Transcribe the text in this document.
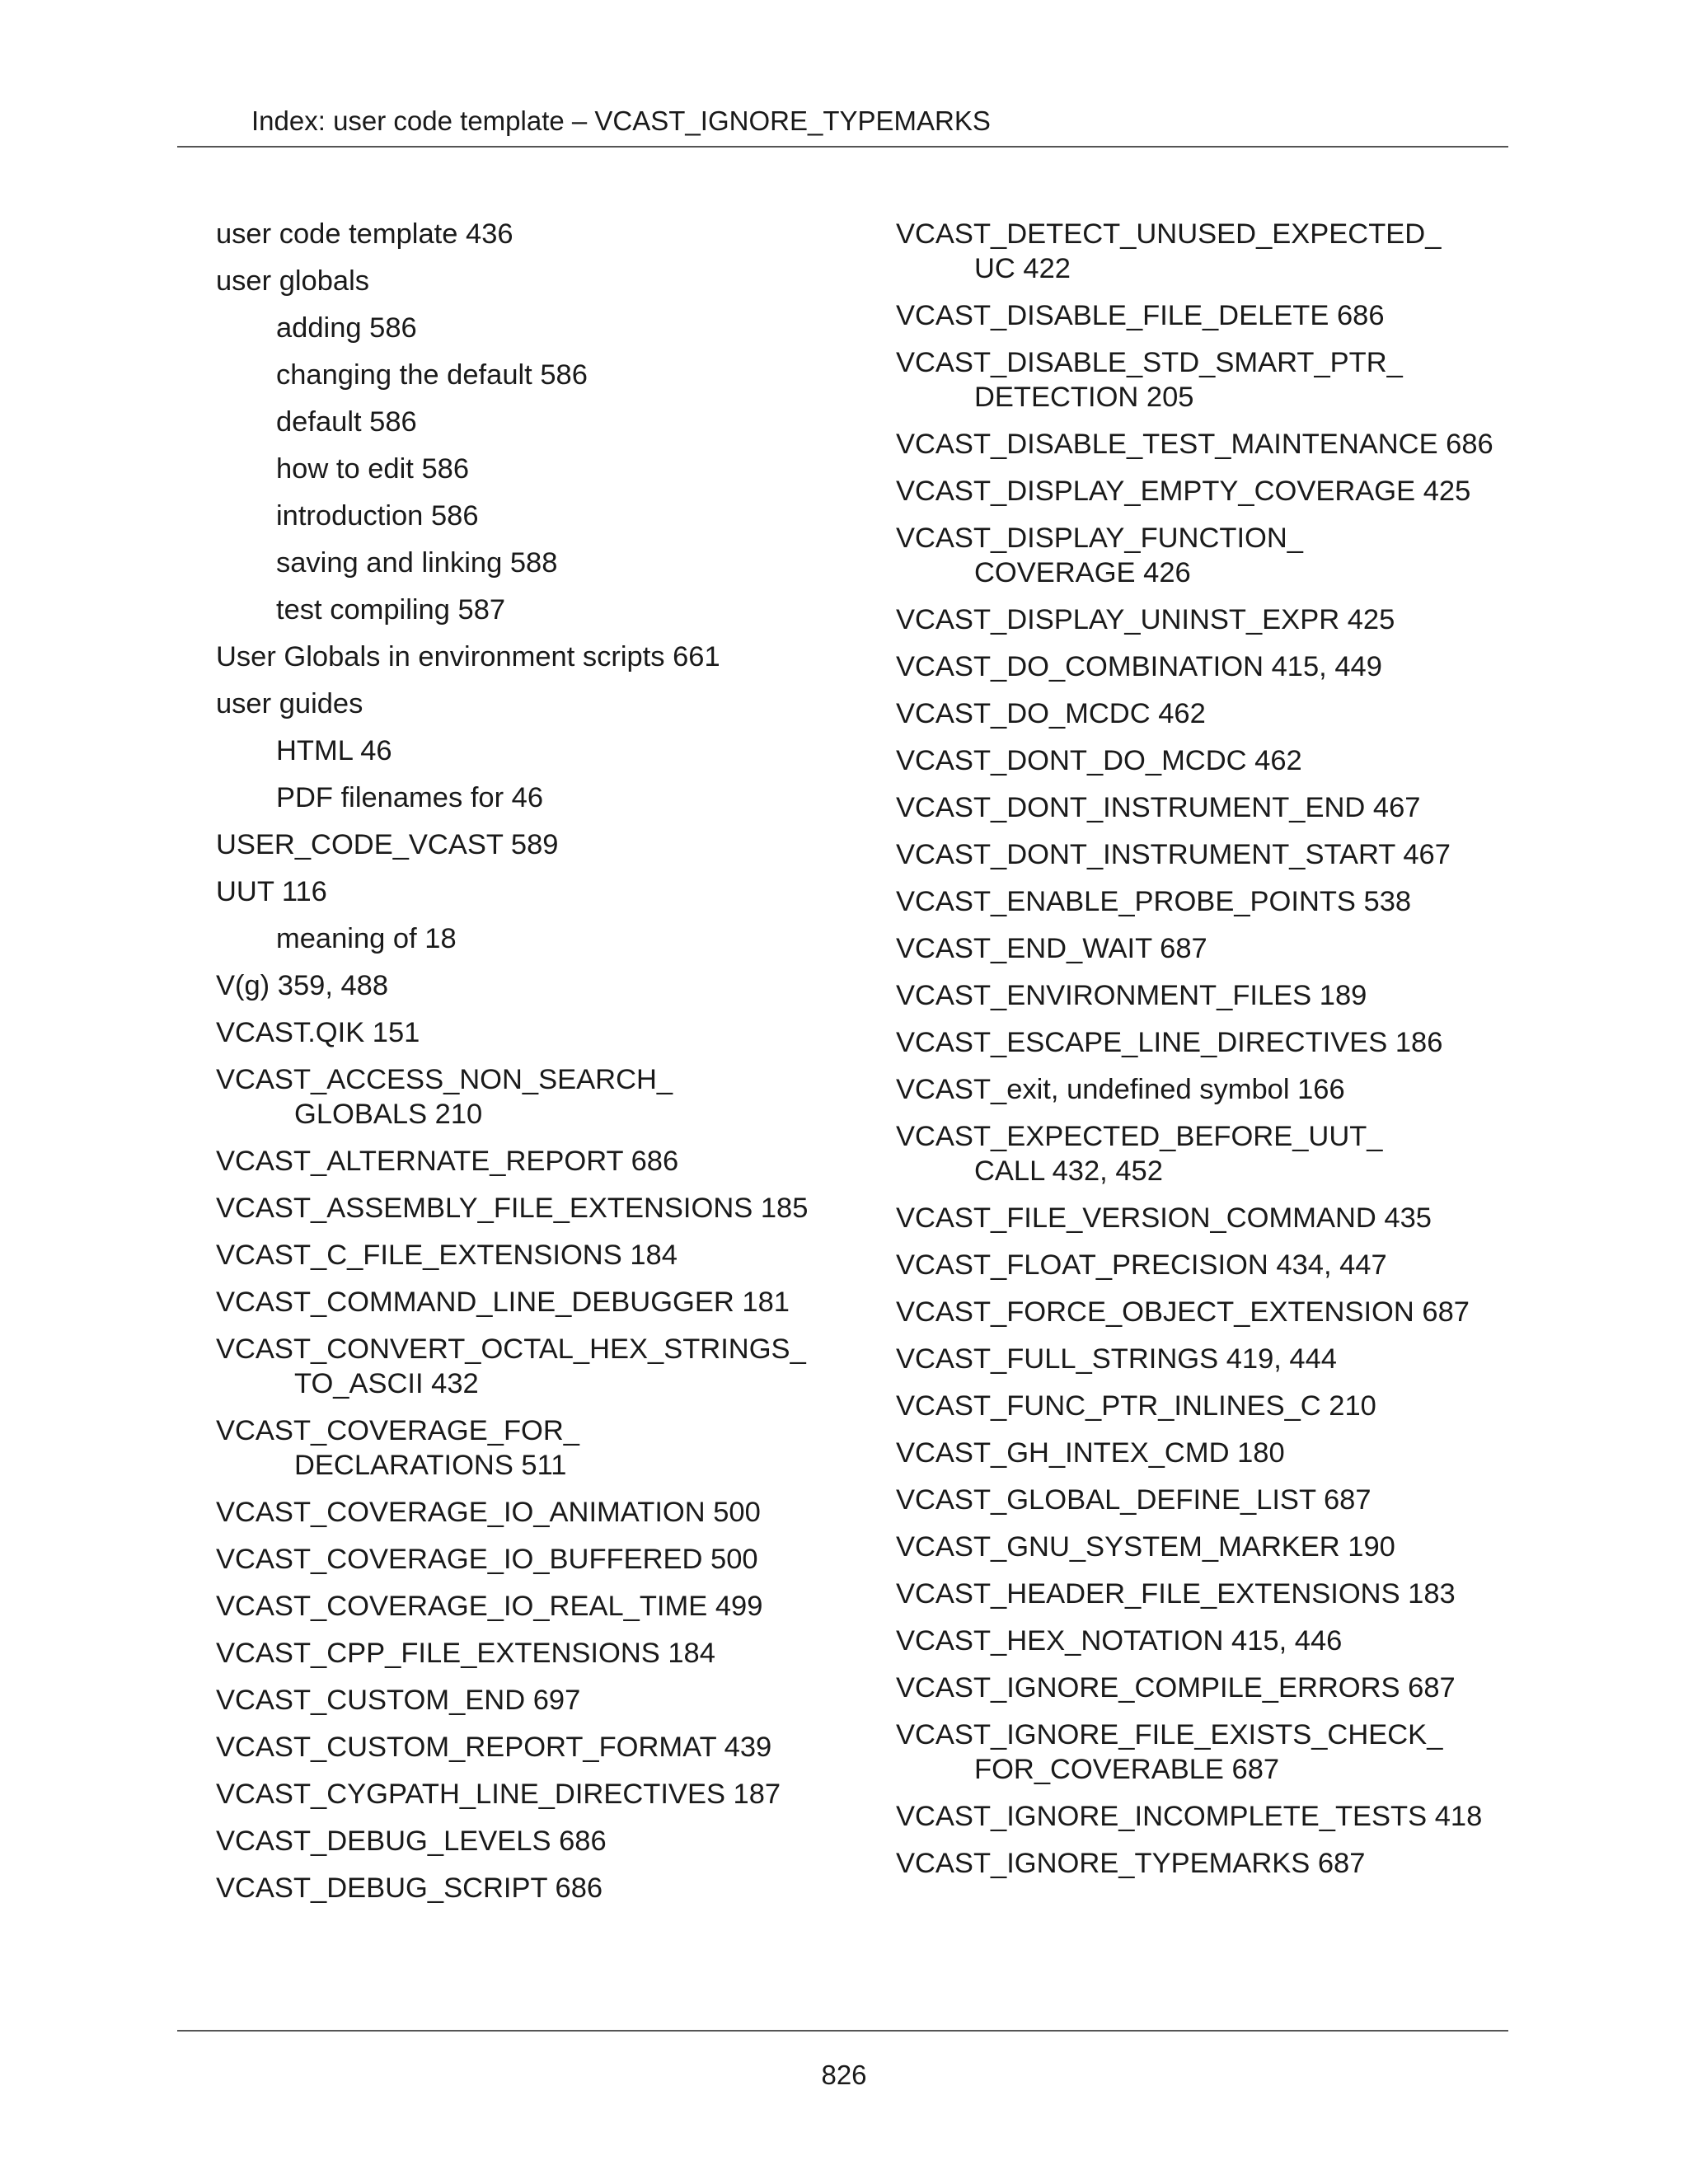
Index: user code template – VCAST_IGNORE_TYPEMARKS
user code template 436
user globals
adding 586
changing the default 586
default 586
how to edit 586
introduction 586
saving and linking 588
test compiling 587
User Globals in environment scripts 661
user guides
HTML 46
PDF filenames for 46
USER_CODE_VCAST 589
UUT 116
meaning of 18
V(g) 359, 488
VCAST.QIK 151
VCAST_ACCESS_NON_SEARCH_
GLOBALS 210
VCAST_ALTERNATE_REPORT 686
VCAST_ASSEMBLY_FILE_EXTENSIONS 185
VCAST_C_FILE_EXTENSIONS 184
VCAST_COMMAND_LINE_DEBUGGER 181
VCAST_CONVERT_OCTAL_HEX_STRINGS_
TO_ASCII 432
VCAST_COVERAGE_FOR_
DECLARATIONS 511
VCAST_COVERAGE_IO_ANIMATION 500
VCAST_COVERAGE_IO_BUFFERED 500
VCAST_COVERAGE_IO_REAL_TIME 499
VCAST_CPP_FILE_EXTENSIONS 184
VCAST_CUSTOM_END 697
VCAST_CUSTOM_REPORT_FORMAT 439
VCAST_CYGPATH_LINE_DIRECTIVES 187
VCAST_DEBUG_LEVELS 686
VCAST_DEBUG_SCRIPT 686
VCAST_DETECT_UNUSED_EXPECTED_
UC 422
VCAST_DISABLE_FILE_DELETE 686
VCAST_DISABLE_STD_SMART_PTR_
DETECTION 205
VCAST_DISABLE_TEST_MAINTENANCE 686
VCAST_DISPLAY_EMPTY_COVERAGE 425
VCAST_DISPLAY_FUNCTION_
COVERAGE 426
VCAST_DISPLAY_UNINST_EXPR 425
VCAST_DO_COMBINATION 415, 449
VCAST_DO_MCDC 462
VCAST_DONT_DO_MCDC 462
VCAST_DONT_INSTRUMENT_END 467
VCAST_DONT_INSTRUMENT_START 467
VCAST_ENABLE_PROBE_POINTS 538
VCAST_END_WAIT 687
VCAST_ENVIRONMENT_FILES 189
VCAST_ESCAPE_LINE_DIRECTIVES 186
VCAST_exit, undefined symbol 166
VCAST_EXPECTED_BEFORE_UUT_
CALL 432, 452
VCAST_FILE_VERSION_COMMAND 435
VCAST_FLOAT_PRECISION 434, 447
VCAST_FORCE_OBJECT_EXTENSION 687
VCAST_FULL_STRINGS 419, 444
VCAST_FUNC_PTR_INLINES_C 210
VCAST_GH_INTEX_CMD 180
VCAST_GLOBAL_DEFINE_LIST 687
VCAST_GNU_SYSTEM_MARKER 190
VCAST_HEADER_FILE_EXTENSIONS 183
VCAST_HEX_NOTATION 415, 446
VCAST_IGNORE_COMPILE_ERRORS 687
VCAST_IGNORE_FILE_EXISTS_CHECK_
FOR_COVERABLE 687
VCAST_IGNORE_INCOMPLETE_TESTS 418
VCAST_IGNORE_TYPEMARKS 687
826
